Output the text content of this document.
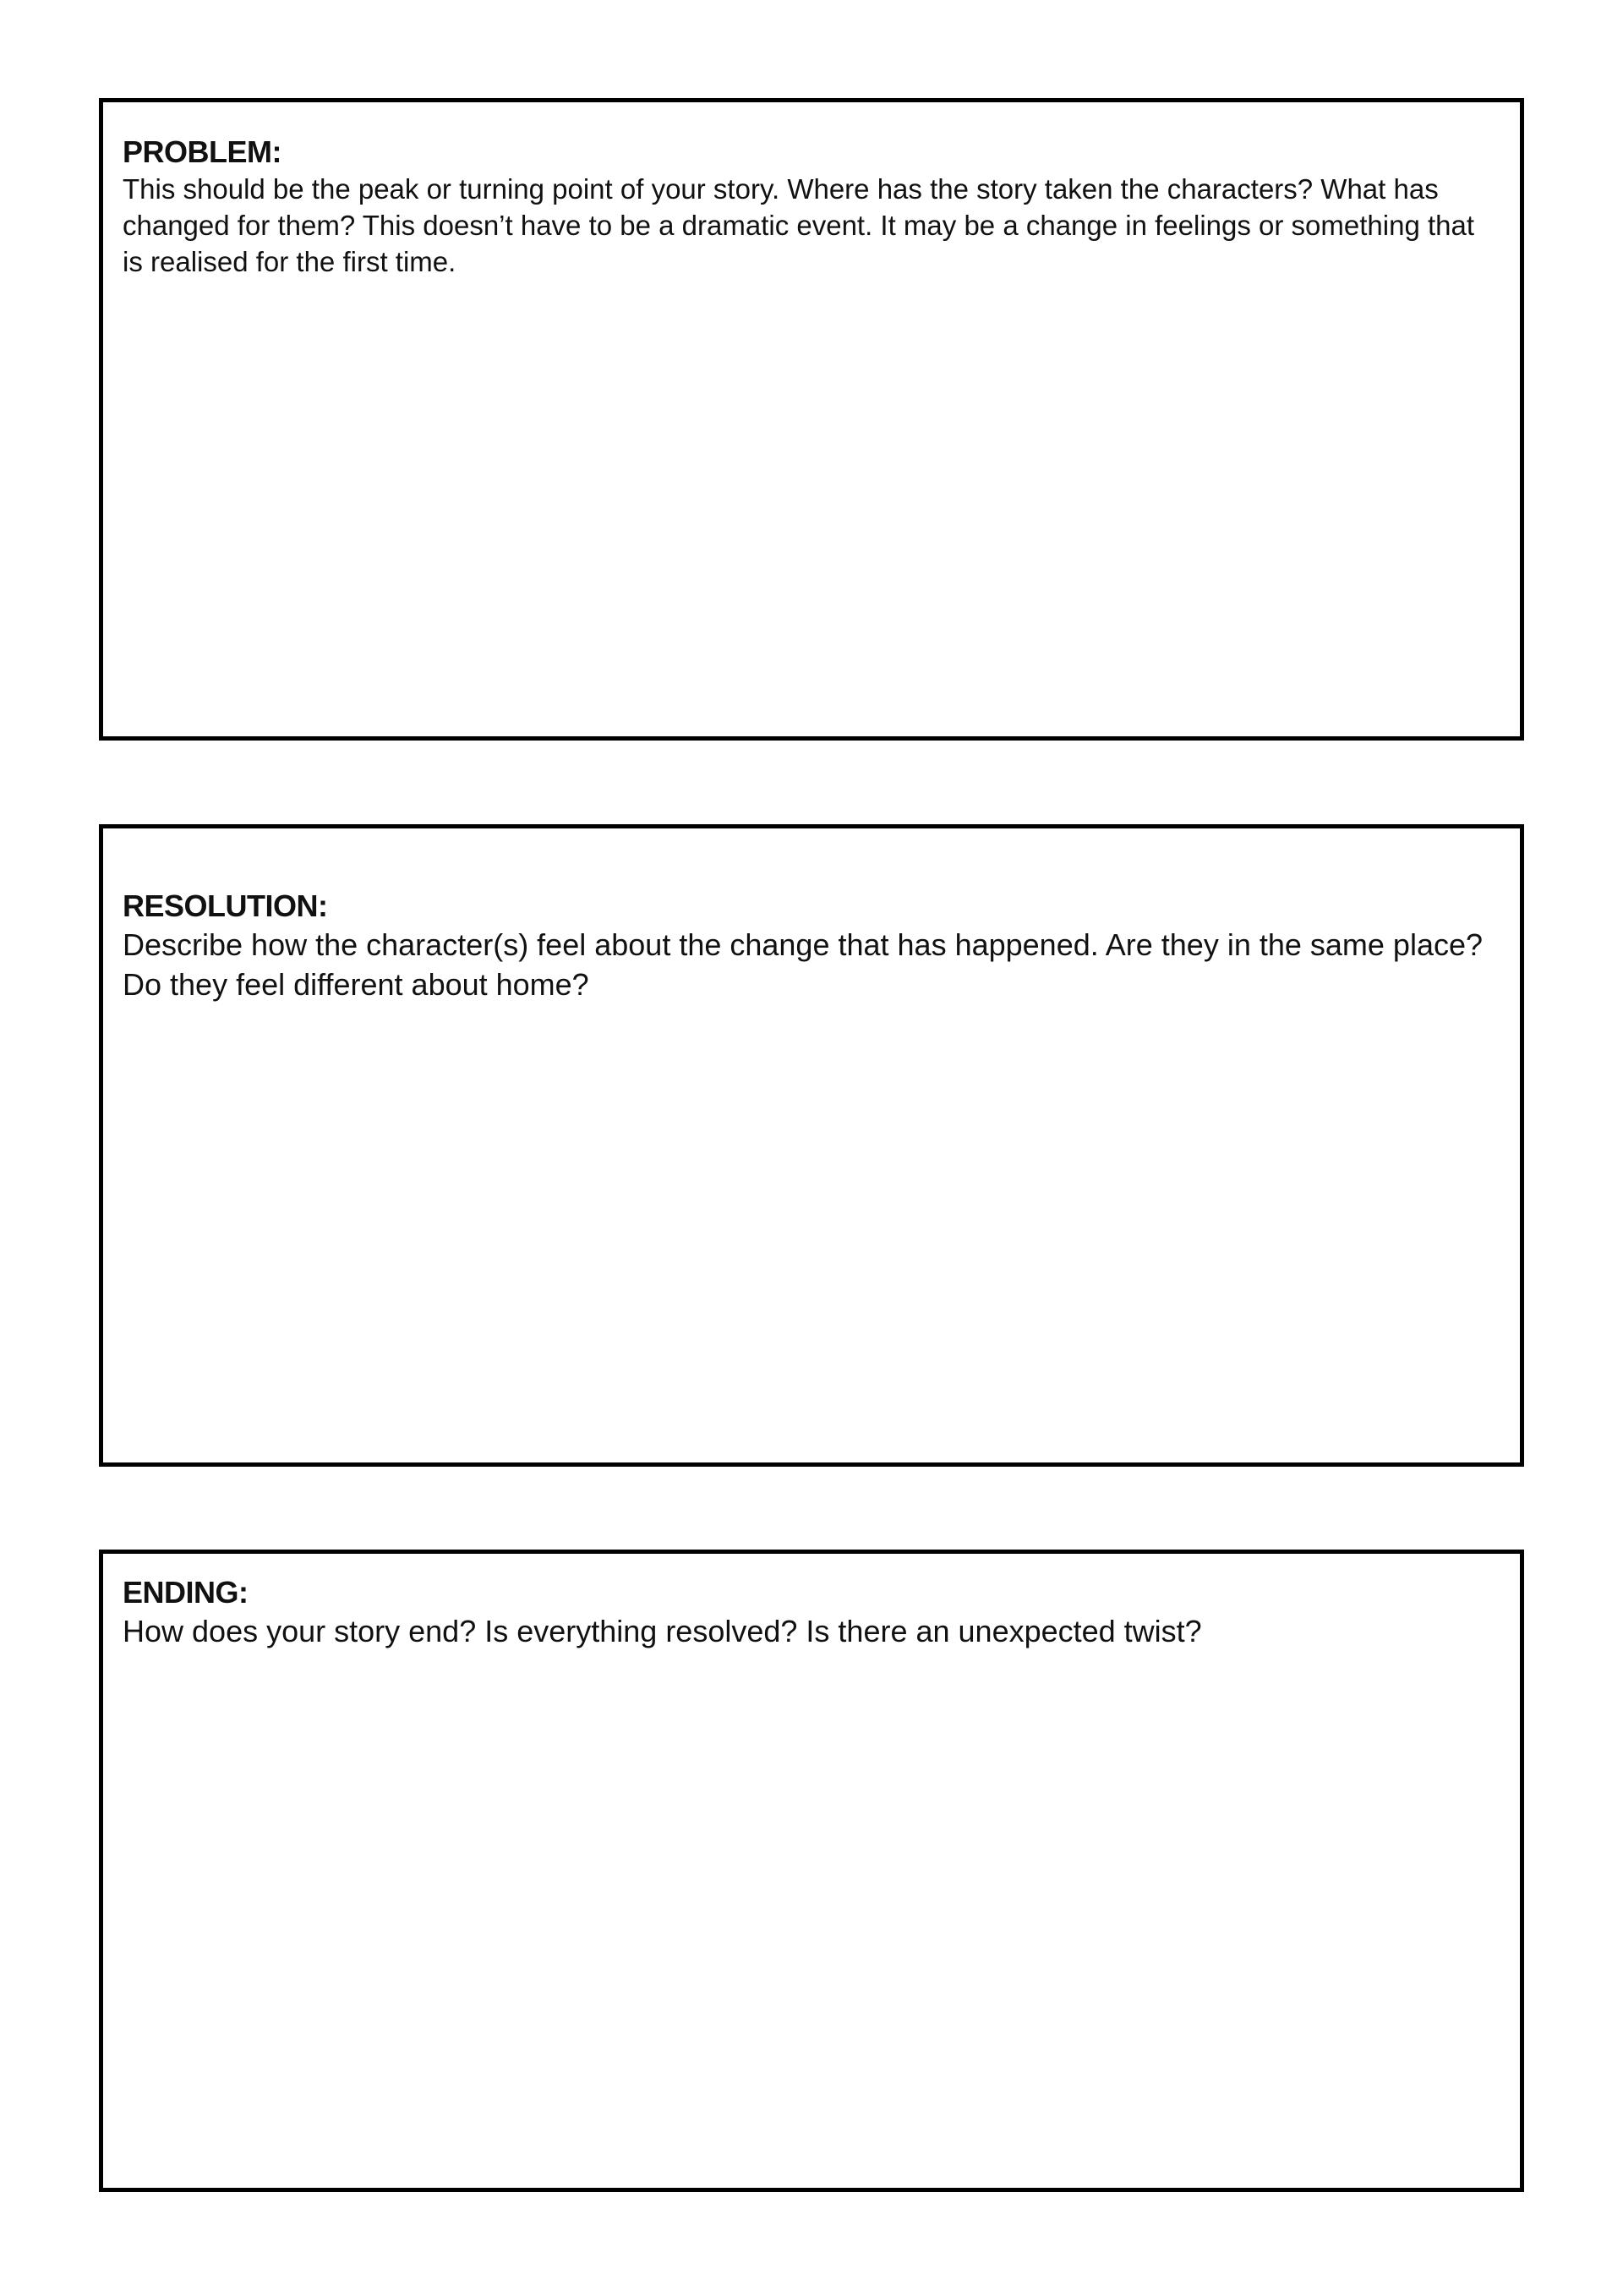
PROBLEM:
This should be the peak or turning point of your story. Where has the story taken the characters? What has changed for them? This doesn’t have to be a dramatic event. It may be a change in feelings or something that is realised for the first time.
RESOLUTION:
Describe how the character(s) feel about the change that has happened. Are they in the same place? Do they feel different about home?
ENDING:
How does your story end? Is everything resolved? Is there an unexpected twist?
